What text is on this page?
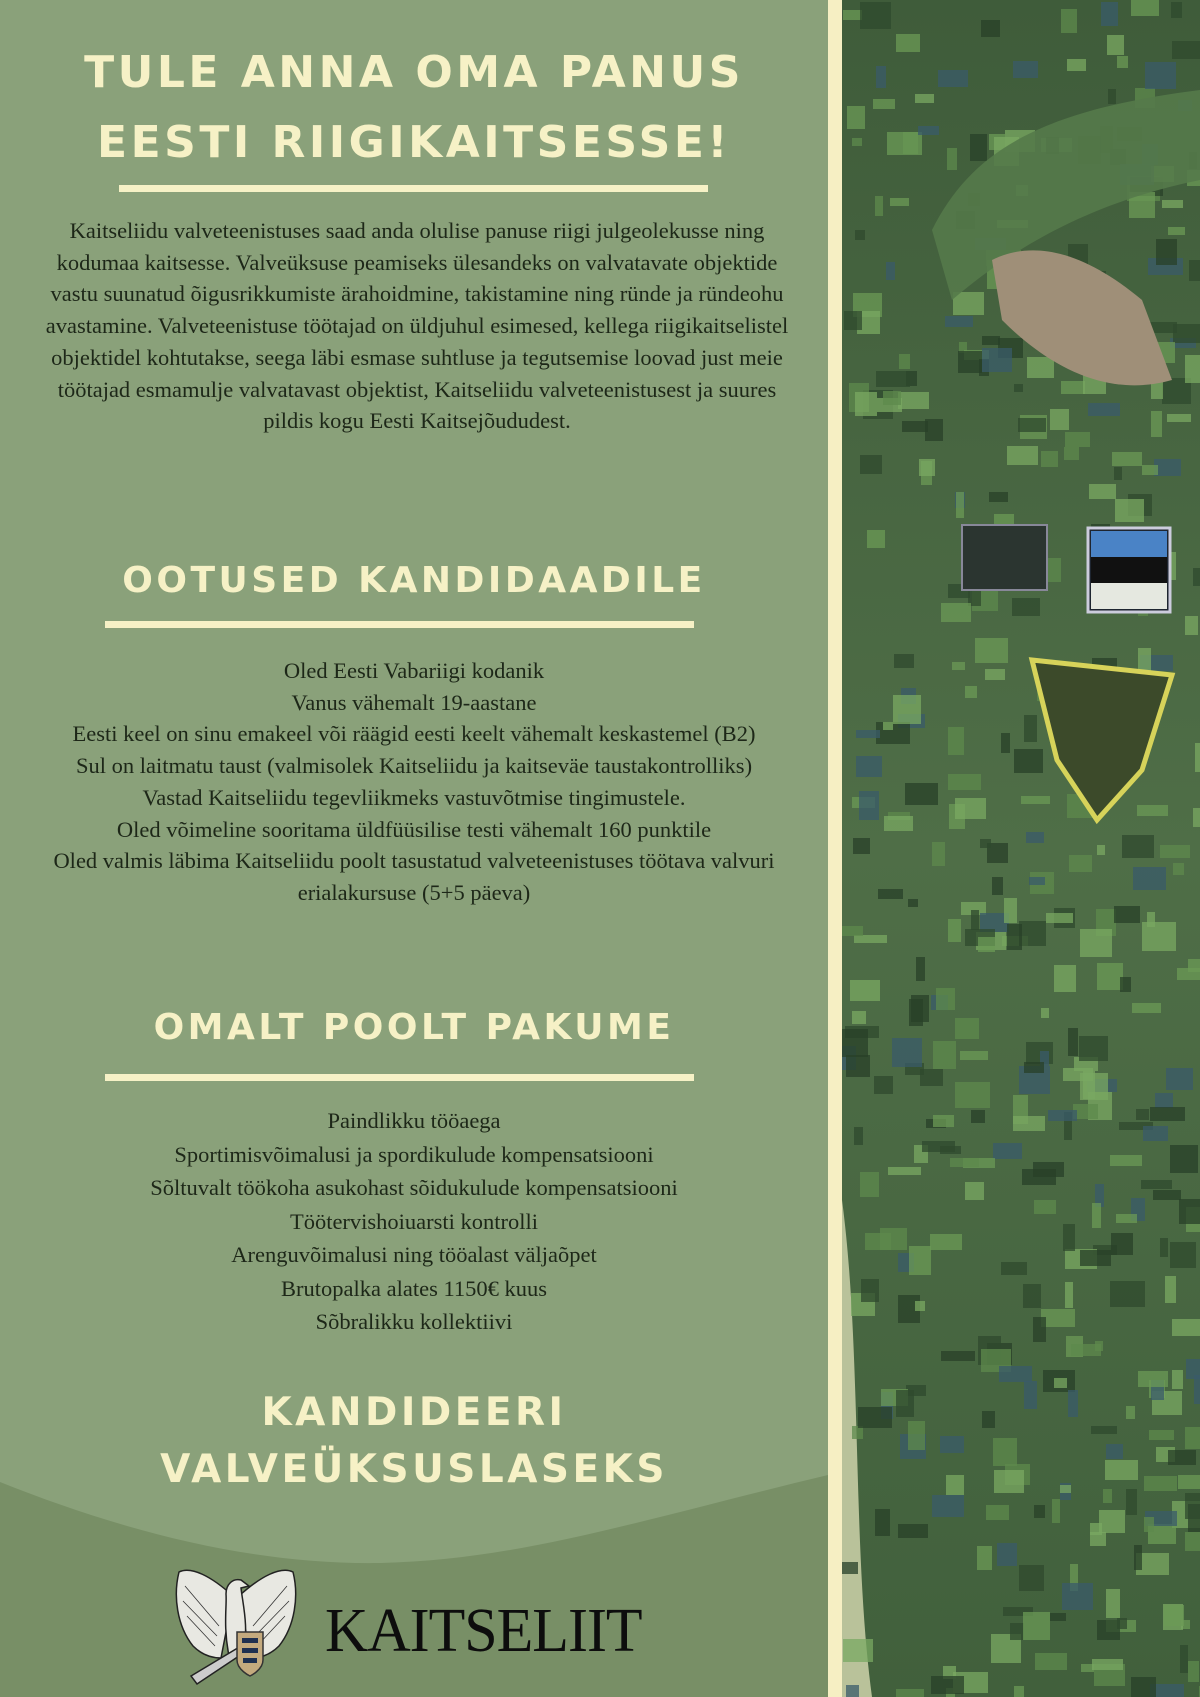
TULE ANNA OMA PANUS
EESTI RIIGIKAITSESSE!

Kaitseliidu valveteenistuses saad anda olulise panuse riigi julgeolekusse ning kodumaa kaitsesse. Valveüksuse peamiseks ülesandeks on valvatavate objektide vastu suunatud õigusrikkumiste ärahoidmine, takistamine ning ründe ja ründeohu avastamine. Valveteenistuse töötajad on üldjuhul esimesed, kellega riigikaitselistel objektidel kohtutakse, seega läbi esmase suhtluse ja tegutsemise loovad just meie töötajad esmamulje valvatavast objektist, Kaitseliidu valveteenistusest ja suures pildis kogu Eesti Kaitsejõududest.

OOTUSED KANDIDAADILE
Oled Eesti Vabariigi kodanik
Vanus vähemalt 19-aastane
Eesti keel on sinu emakeel või räägid eesti keelt vähemalt keskastemel (B2)
Sul on laitmatu taust (valmisolek Kaitseliidu ja kaitseväe taustakontrolliks)
Vastad Kaitseliidu tegevliikmeks vastuvõtmise tingimustele.
Oled võimeline sooritama üldfüüsilise testi vähemalt 160 punktile
Oled valmis läbima Kaitseliidu poolt tasustatud valveteenistuses töötava valvuri erialakursuse (5+5 päeva)
OMALT POOLT PAKUME
Paindlikku tööaega
Sportimisvõimalusi ja spordikulude kompensatsiooni
Sõltuvalt töökoha asukohast sõidukulude kompensatsiooni
Töötervishoiuarsti kontrolli
Arenguvõimalusi ning tööalast väljaõpet
Brutopalka alates 1150€ kuus
Sõbralikku kollektiivi
KANDIDEERI
VALVEÜKSUSLASEKS
KAITSELIIT
